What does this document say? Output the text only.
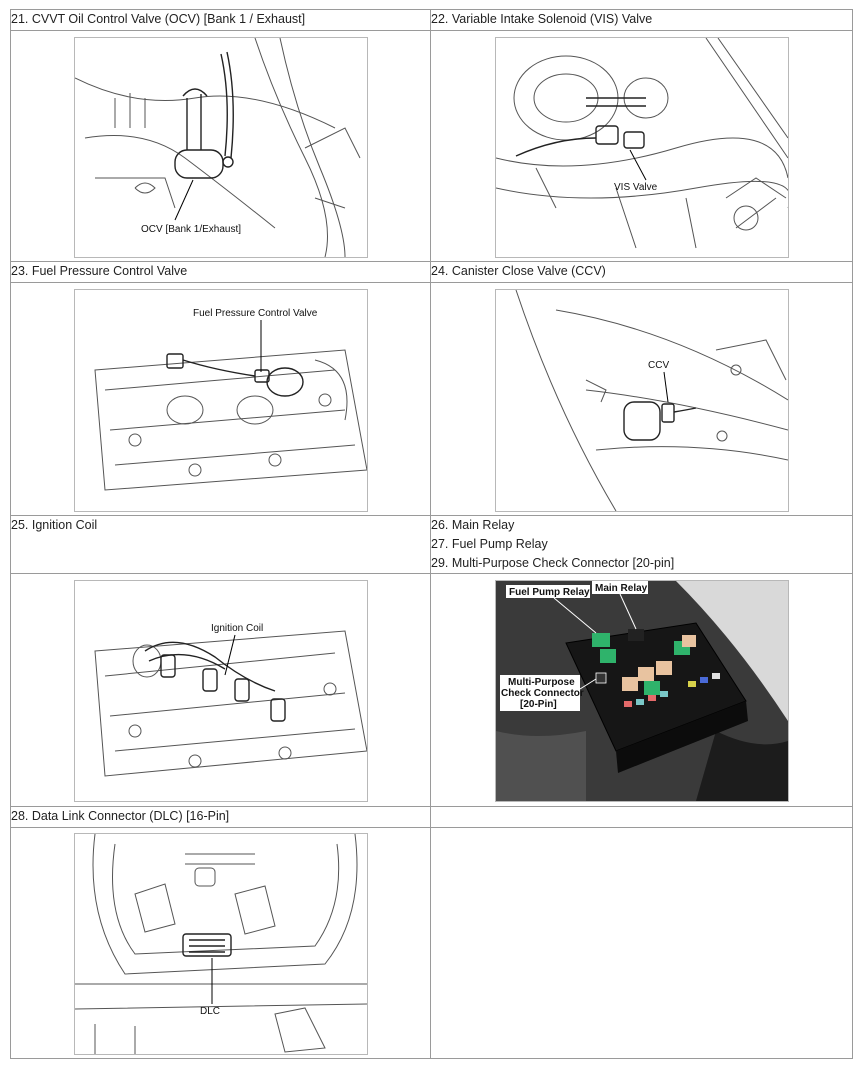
21. CVVT Oil Control Valve (OCV) [Bank 1 / Exhaust]	22. Variable Intake Solenoid (VIS) Valve

OCV [Bank 1/Exhaust]	VIS Valve

23. Fuel Pressure Control Valve	24. Canister Close Valve (CCV)

Fuel Pressure Control Valve	CCV

25. Ignition Coil	26. Main Relay
27. Fuel Pump Relay
29. Multi-Purpose Check Connector [20-pin]

Ignition Coil	Fuel Pump Relay Main Relay
Multi-Purpose
Check Connector
[20-Pin]

28. Data Link Connector (DLC) [16-Pin]	

DLC	
